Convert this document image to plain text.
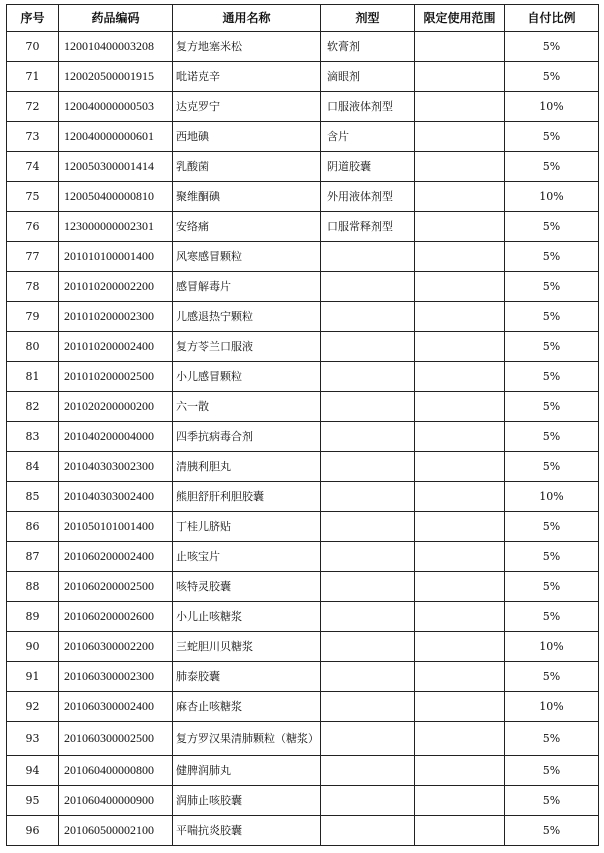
序号	药品编码	通用名称	剂型	限定使用范围	自付比例
70	120010400003208	复方地塞米松	软膏剂		5%
71	120020500001915	吡诺克辛	滴眼剂		5%
72	120040000000503	达克罗宁	口服液体剂型		10%
73	120040000000601	西地碘	含片		5%
74	120050300001414	乳酸菌	阴道胶囊		5%
75	120050400000810	聚维酮碘	外用液体剂型		10%
76	123000000002301	安络痛	口服常释剂型		5%
77	201010100001400	风寒感冒颗粒			5%
78	201010200002200	感冒解毒片			5%
79	201010200002300	儿感退热宁颗粒			5%
80	201010200002400	复方苓兰口服液			5%
81	201010200002500	小儿感冒颗粒			5%
82	201020200000200	六一散			5%
83	201040200004000	四季抗病毒合剂			5%
84	201040303002300	清胰利胆丸			5%
85	201040303002400	熊胆舒肝利胆胶囊			10%
86	201050101001400	丁桂儿脐贴			5%
87	201060200002400	止咳宝片			5%
88	201060200002500	咳特灵胶囊			5%
89	201060200002600	小儿止咳糖浆			5%
90	201060300002200	三蛇胆川贝糖浆			10%
91	201060300002300	肺泰胶囊			5%
92	201060300002400	麻杏止咳糖浆			10%
93	201060300002500	复方罗汉果清肺颗粒（糖浆）			5%
94	201060400000800	健脾润肺丸			5%
95	201060400000900	润肺止咳胶囊			5%
96	201060500002100	平喘抗炎胶囊			5%
